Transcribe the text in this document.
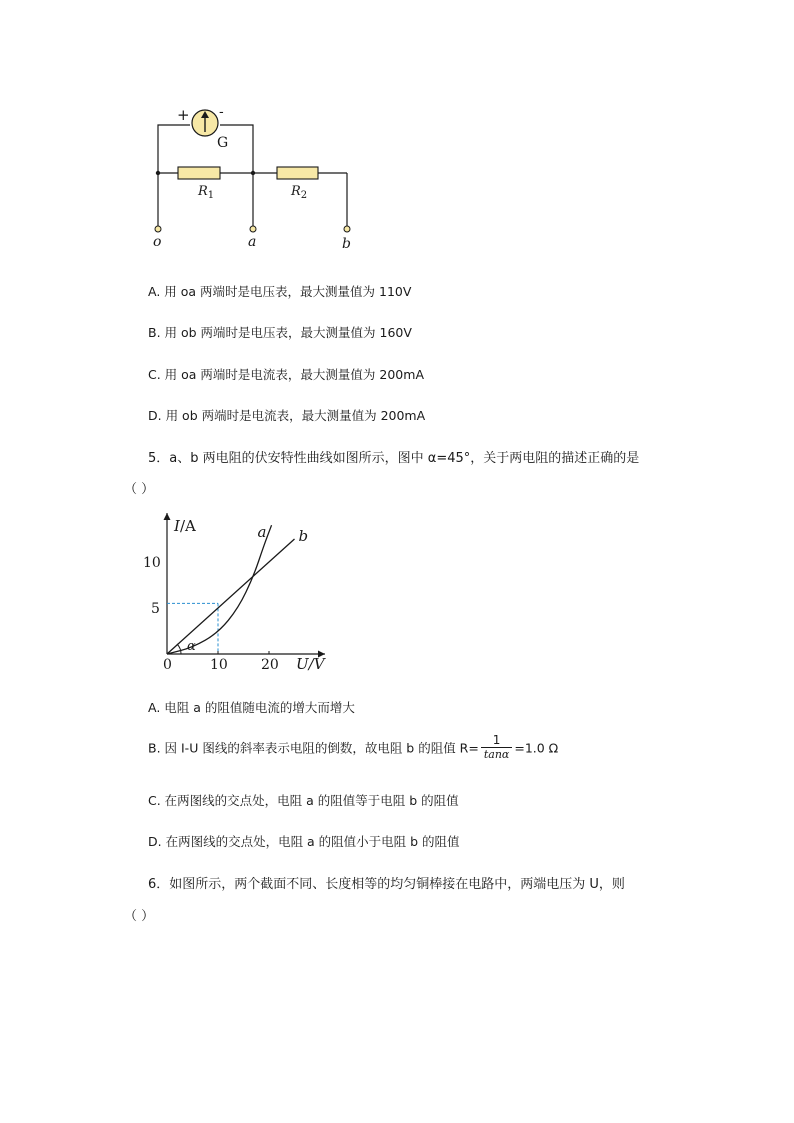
+ -
G
$R_1$	$R_2$
o	a	b
A. 用 oa 两端时是电压表，最大测量值为 110V
B. 用 ob 两端时是电压表，最大测量值为 160V
C. 用 oa 两端时是电流表，最大测量值为 200mA
D. 用 ob 两端时是电流表，最大测量值为 200mA
5．a、b 两电阻的伏安特性曲线如图所示，图中 α=45°，关于两电阻的描述正确的是
（ ）
b
a
0	10 20
5
10
α
I/A
U/V
A. 电阻 a 的阻值随电流的增大而增大
B. 因 I-U 图线的斜率表示电阻的倒数，故电阻 b 的阻值 $R= \frac{1}{\tan\alpha} =1.0$ Ω
C. 在两图线的交点处，电阻 a 的阻值等于电阻 b 的阻值
D. 在两图线的交点处，电阻 a 的阻值小于电阻 b 的阻值
6．如图所示，两个截面不同、长度相等的均匀铜棒接在电路中，两端电压为 U，则
（ ）
